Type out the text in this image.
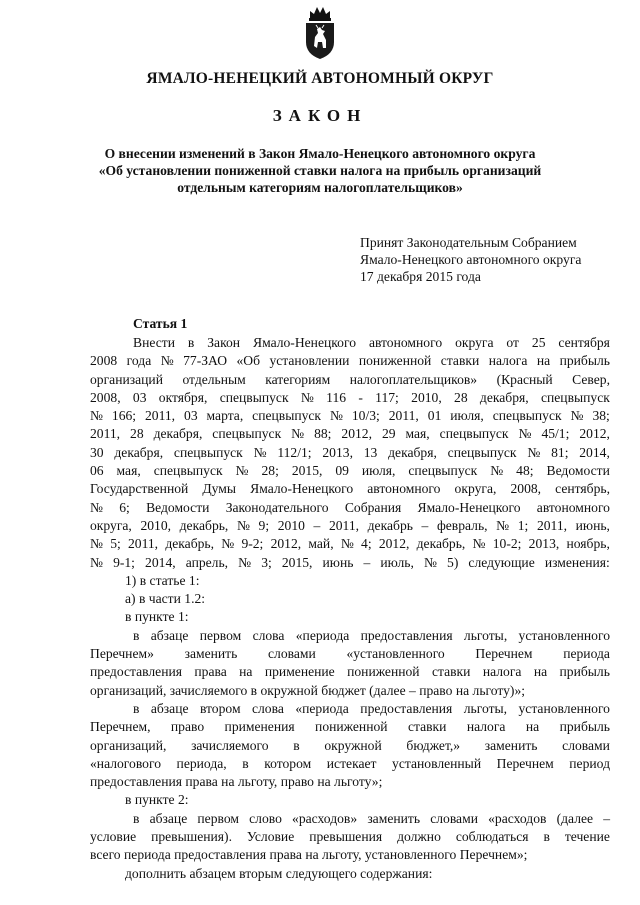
ЯМАЛО-НЕНЕЦКИЙ АВТОНОМНЫЙ ОКРУГ
ЗАКОН
О внесении изменений в Закон Ямало-Ненецкого автономного округа
«Об установлении пониженной ставки налога на прибыль организаций
отдельным категориям налогоплательщиков»
Принят Законодательным Собранием
Ямало-Ненецкого автономного округа
17 декабря 2015 года
Статья 1
Внести в Закон Ямало-Ненецкого автономного округа от 25 сентября
2008 года № 77-ЗАО «Об установлении пониженной ставки налога на прибыль
организаций отдельным категориям налогоплательщиков» (Красный Север,
2008, 03 октября, спецвыпуск № 116 - 117; 2010, 28 декабря, спецвыпуск
№ 166; 2011, 03 марта, спецвыпуск № 10/3; 2011, 01 июля, спецвыпуск № 38;
2011, 28 декабря, спецвыпуск № 88; 2012, 29 мая, спецвыпуск № 45/1; 2012,
30 декабря, спецвыпуск № 112/1; 2013, 13 декабря, спецвыпуск № 81; 2014,
06 мая, спецвыпуск № 28; 2015, 09 июля, спецвыпуск № 48; Ведомости
Государственной Думы Ямало-Ненецкого автономного округа, 2008, сентябрь,
№ 6; Ведомости Законодательного Собрания Ямало-Ненецкого автономного
округа, 2010, декабрь, № 9; 2010 – 2011, декабрь – февраль, № 1; 2011, июнь,
№ 5; 2011, декабрь, № 9-2; 2012, май, № 4; 2012, декабрь, № 10-2; 2013, ноябрь,
№ 9-1; 2014, апрель, № 3; 2015, июнь – июль, № 5) следующие изменения:
1) в статье 1:
а) в части 1.2:
в пункте 1:
в абзаце первом слова «периода предоставления льготы, установленного
Перечнем» заменить словами «установленного Перечнем периода
предоставления права на применение пониженной ставки налога на прибыль
организаций, зачисляемого в окружной бюджет (далее – право на льготу)»;
в абзаце втором слова «периода предоставления льготы, установленного
Перечнем, право применения пониженной ставки налога на прибыль
организаций, зачисляемого в окружной бюджет,» заменить словами
«налогового периода, в котором истекает установленный Перечнем период
предоставления права на льготу, право на льготу»;
в пункте 2:
в абзаце первом слово «расходов» заменить словами «расходов (далее –
условие превышения). Условие превышения должно соблюдаться в течение
всего периода предоставления права на льготу, установленного Перечнем»;
дополнить абзацем вторым следующего содержания:
